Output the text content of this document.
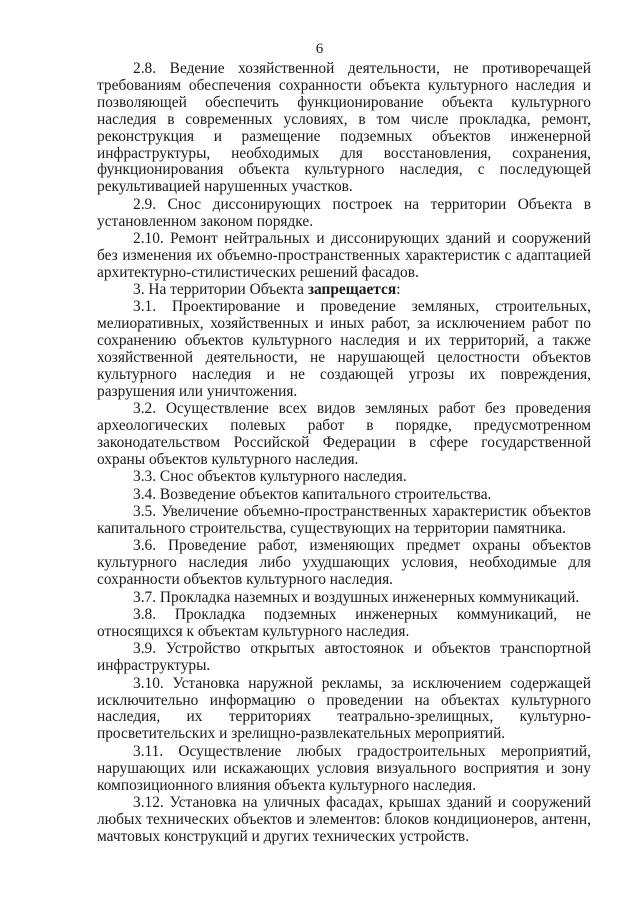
6

2.8. Ведение хозяйственной деятельности, не противоречащей требованиям обеспечения сохранности объекта культурного наследия и позволяющей обеспечить функционирование объекта культурного наследия в современных условиях, в том числе прокладка, ремонт, реконструкция и размещение подземных объектов инженерной инфраструктуры, необходимых для восстановления, сохранения, функционирования объекта культурного наследия, с последующей рекультивацией нарушенных участков.

2.9. Снос диссонирующих построек на территории Объекта в установленном законом порядке.

2.10. Ремонт нейтральных и диссонирующих зданий и сооружений без изменения их объемно-пространственных характеристик с адаптацией архитектурно-стилистических решений фасадов.

3. На территории Объекта запрещается:

3.1. Проектирование и проведение земляных, строительных, мелиоративных, хозяйственных и иных работ, за исключением работ по сохранению объектов культурного наследия и их территорий, а также хозяйственной деятельности, не нарушающей целостности объектов культурного наследия и не создающей угрозы их повреждения, разрушения или уничтожения.

3.2. Осуществление всех видов земляных работ без проведения археологических полевых работ в порядке, предусмотренном законодательством Российской Федерации в сфере государственной охраны объектов культурного наследия.

3.3. Снос объектов культурного наследия.

3.4. Возведение объектов капитального строительства.

3.5. Увеличение объемно-пространственных характеристик объектов капитального строительства, существующих на территории памятника.

3.6. Проведение работ, изменяющих предмет охраны объектов культурного наследия либо ухудшающих условия, необходимые для сохранности объектов культурного наследия.

3.7. Прокладка наземных и воздушных инженерных коммуникаций.

3.8. Прокладка подземных инженерных коммуникаций, не относящихся к объектам культурного наследия.

3.9. Устройство открытых автостоянок и объектов транспортной инфраструктуры.

3.10. Установка наружной рекламы, за исключением содержащей исключительно информацию о проведении на объектах культурного наследия, их территориях театрально-зрелищных, культурно-просветительских и зрелищно-развлекательных мероприятий.

3.11. Осуществление любых градостроительных мероприятий, нарушающих или искажающих условия визуального восприятия и зону композиционного влияния объекта культурного наследия.

3.12. Установка на уличных фасадах, крышах зданий и сооружений любых технических объектов и элементов: блоков кондиционеров, антенн, мачтовых конструкций и других технических устройств.
